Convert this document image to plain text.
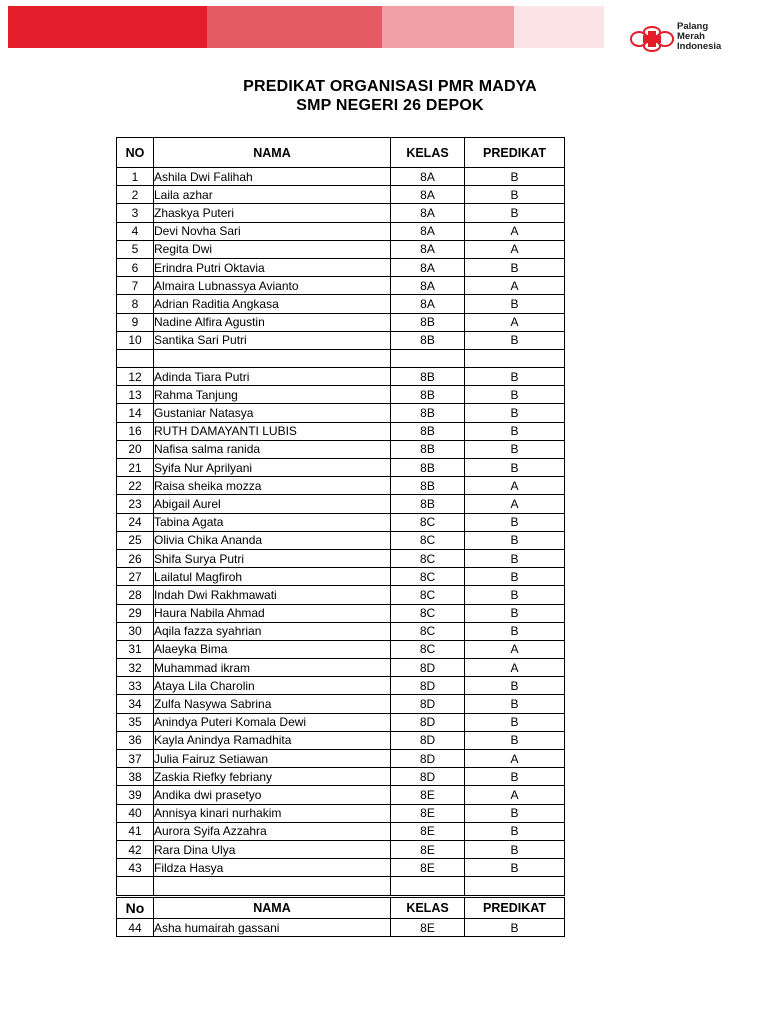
Palang
Merah
Indonesia
PREDIKAT ORGANISASI PMR MADYA
SMP NEGERI 26 DEPOK
NO	NAMA	KELAS	PREDIKAT
1	Ashila Dwi Falihah	8A	B
2	Laila azhar	8A	B
3	Zhaskya Puteri	8A	B
4	Devi Novha Sari	8A	A
5	Regita Dwi	8A	A
6	Erindra Putri Oktavia	8A	B
7	Almaira Lubnassya Avianto	8A	A
8	Adrian Raditia Angkasa	8A	B
9	Nadine Alfira Agustin	8B	A
10	Santika Sari Putri	8B	B

12	Adinda Tiara Putri	8B	B
13	Rahma Tanjung	8B	B
14	Gustaniar Natasya	8B	B
16	RUTH DAMAYANTI LUBIS	8B	B
20	Nafisa salma ranida	8B	B
21	Syifa Nur Aprilyani	8B	B
22	Raisa sheika mozza	8B	A
23	Abigail Aurel	8B	A
24	Tabina Agata	8C	B
25	Olivia Chika Ananda	8C	B
26	Shifa Surya Putri	8C	B
27	Lailatul Magfiroh	8C	B
28	Indah Dwi Rakhmawati	8C	B
29	Haura Nabila Ahmad	8C	B
30	Aqila fazza syahrian	8C	B
31	Alaeyka Bima	8C	A
32	Muhammad ikram	8D	A
33	Ataya Lila Charolin	8D	B
34	Zulfa Nasywa Sabrina	8D	B
35	Anindya Puteri Komala Dewi	8D	B
36	Kayla Anindya Ramadhita	8D	B
37	Julia Fairuz Setiawan	8D	A
38	Zaskia Riefky febriany	8D	B
39	Andika dwi prasetyo	8E	A
40	Annisya kinari nurhakim	8E	B
41	Aurora Syifa Azzahra	8E	B
42	Rara Dina Ulya	8E	B
43	Fildza Hasya	8E	B

No	NAMA	KELAS	PREDIKAT
44	Asha humairah gassani	8E	B
